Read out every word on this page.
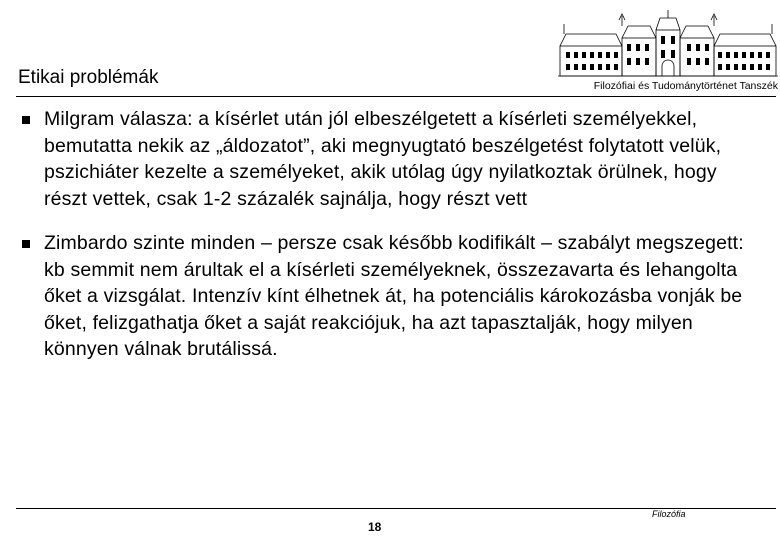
Etikai problémák	Filozófiai és Tudománytörténet Tanszék
Milgram válasza: a kísérlet után jól elbeszélgetett a kísérleti személyekkel, bemutatta nekik az „áldozatot”, aki megnyugtató beszélgetést folytatott velük, pszichiáter kezelte a személyeket, akik utólag úgy nyilatkoztak örülnek, hogy részt vettek, csak 1-2 százalék sajnálja, hogy részt vett
Zimbardo szinte minden – persze csak később kodifikált – szabályt megszegett: kb semmit nem árultak el a kísérleti személyeknek, összezavarta és lehangolta őket a vizsgálat. Intenzív kínt élhetnek át, ha potenciális károkozásba vonják be őket, felizgathatja őket a saját reakciójuk, ha azt tapasztalják, hogy milyen könnyen válnak brutálissá.
Filozófia
18
